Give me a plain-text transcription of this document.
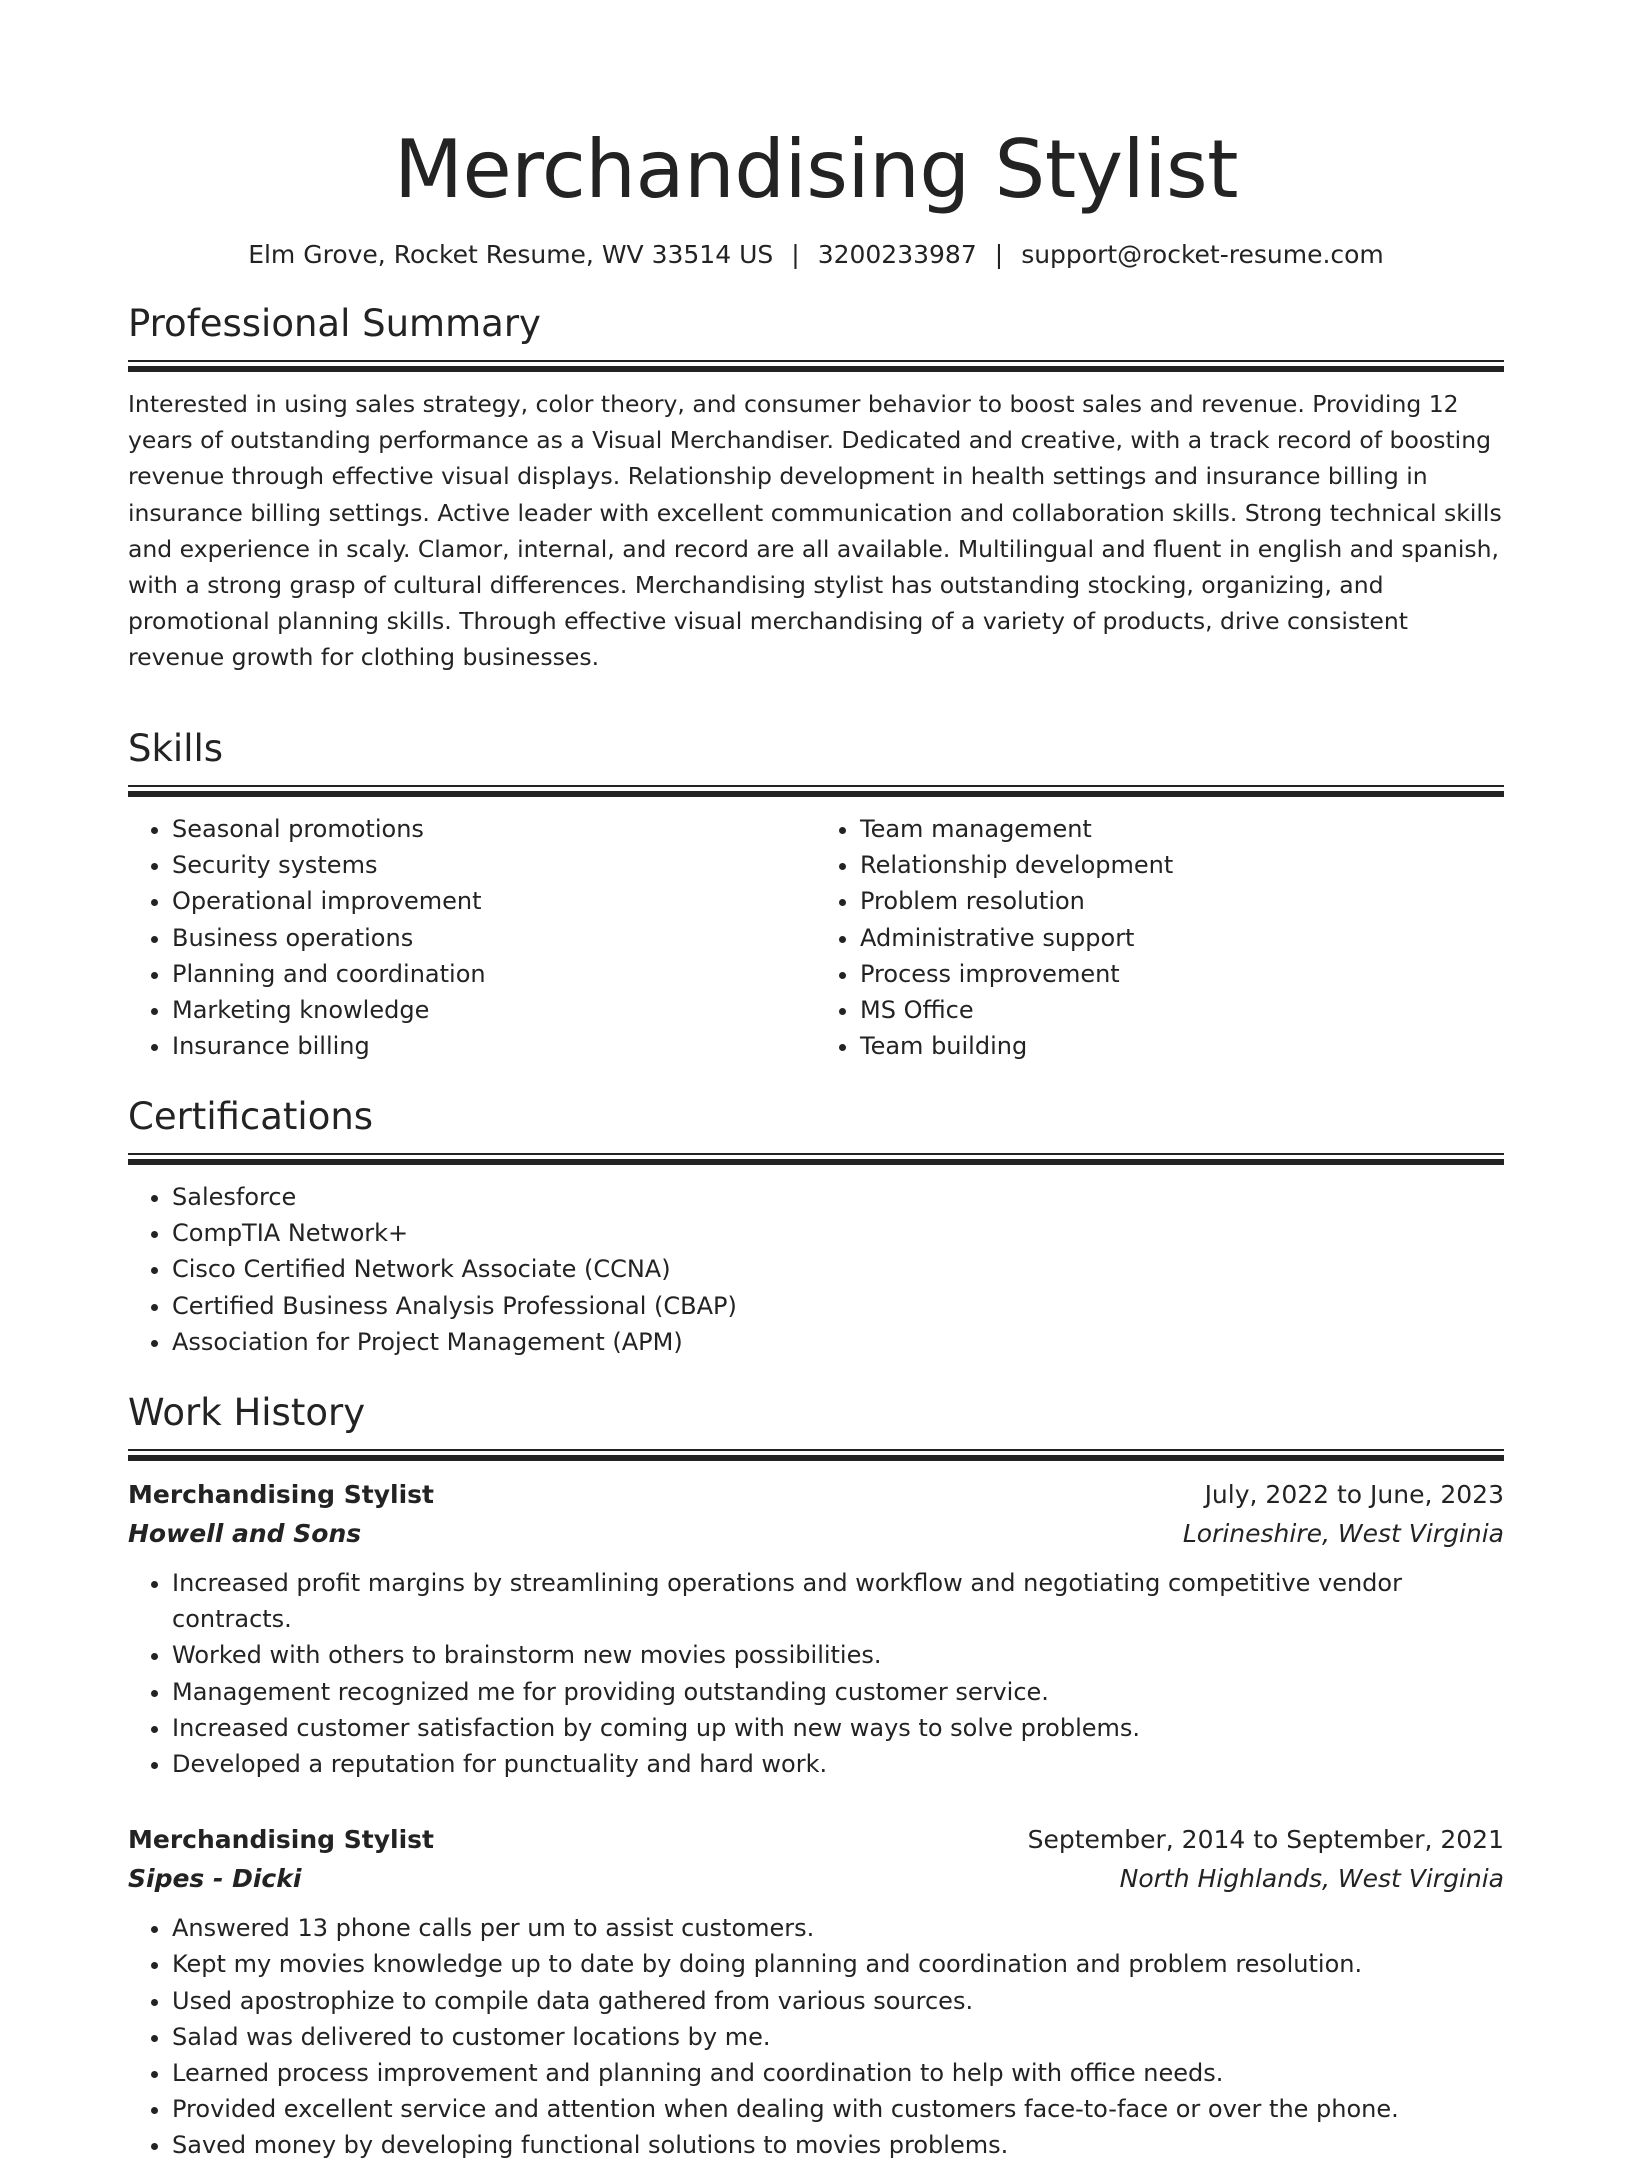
Merchandising Stylist
Elm Grove, Rocket Resume, WV 33514 US | 3200233987 | support@rocket-resume.com
Professional Summary

Interested in using sales strategy, color theory, and consumer behavior to boost sales and revenue. Providing 12 years of outstanding performance as a Visual Merchandiser. Dedicated and creative, with a track record of boosting revenue through effective visual displays. Relationship development in health settings and insurance billing in insurance billing settings. Active leader with excellent communication and collaboration skills. Strong technical skills and experience in scaly. Clamor, internal, and record are all available. Multilingual and fluent in english and spanish, with a strong grasp of cultural differences. Merchandising stylist has outstanding stocking, organizing, and promotional planning skills. Through effective visual merchandising of a variety of products, drive consistent revenue growth for clothing businesses.

Skills
• Seasonal promotions
• Security systems
• Operational improvement
• Business operations
• Planning and coordination
• Marketing knowledge
• Insurance billing
• Team management
• Relationship development
• Problem resolution
• Administrative support
• Process improvement
• MS Office
• Team building
Certifications
• Salesforce
• CompTIA Network+
• Cisco Certified Network Associate (CCNA)
• Certified Business Analysis Professional (CBAP)
• Association for Project Management (APM)
Work History
Merchandising Stylist	July, 2022 to June, 2023
Howell and Sons	Lorineshire, West Virginia
• Increased profit margins by streamlining operations and workflow and negotiating competitive vendor contracts.
• Worked with others to brainstorm new movies possibilities.
• Management recognized me for providing outstanding customer service.
• Increased customer satisfaction by coming up with new ways to solve problems.
• Developed a reputation for punctuality and hard work.
Merchandising Stylist	September, 2014 to September, 2021
Sipes - Dicki	North Highlands, West Virginia
• Answered 13 phone calls per um to assist customers.
• Kept my movies knowledge up to date by doing planning and coordination and problem resolution.
• Used apostrophize to compile data gathered from various sources.
• Salad was delivered to customer locations by me.
• Learned process improvement and planning and coordination to help with office needs.
• Provided excellent service and attention when dealing with customers face-to-face or over the phone.
• Saved money by developing functional solutions to movies problems.
